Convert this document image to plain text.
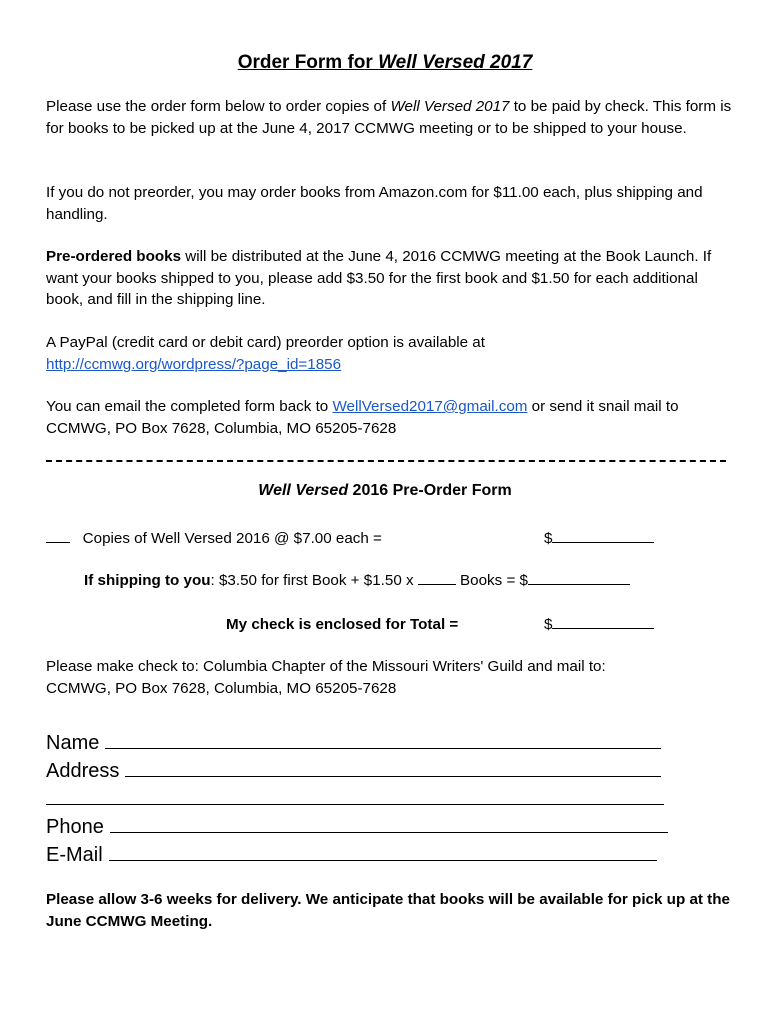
Order Form for Well Versed 2017
Please use the order form below to order copies of Well Versed 2017 to be paid by check. This form is for books to be picked up at the June 4, 2017 CCMWG meeting or to be shipped to your house.
If you do not preorder, you may order books from Amazon.com for $11.00 each, plus shipping and handling.
Pre-ordered books will be distributed at the June 4, 2016 CCMWG meeting at the Book Launch. If want your books shipped to you, please add $3.50 for the first book and $1.50 for each additional book, and fill in the shipping line.
A PayPal (credit card or debit card) preorder option is available at
http://ccmwg.org/wordpress/?page_id=1856
You can email the completed form back to WellVersed2017@gmail.com or send it snail mail to CCMWG, PO Box 7628, Columbia, MO 65205-7628
Well Versed 2016 Pre-Order Form
Copies of Well Versed 2016 @ $7.00 each =	$
If shipping to you: $3.50 for first Book + $1.50 x	Books = $
My check is enclosed for Total =	$
Please make check to: Columbia Chapter of the Missouri Writers' Guild and mail to:
CCMWG, PO Box 7628, Columbia, MO 65205-7628
Name
Address
Phone
E-Mail
Please allow 3-6 weeks for delivery. We anticipate that books will be available for pick up at the June CCMWG Meeting.
